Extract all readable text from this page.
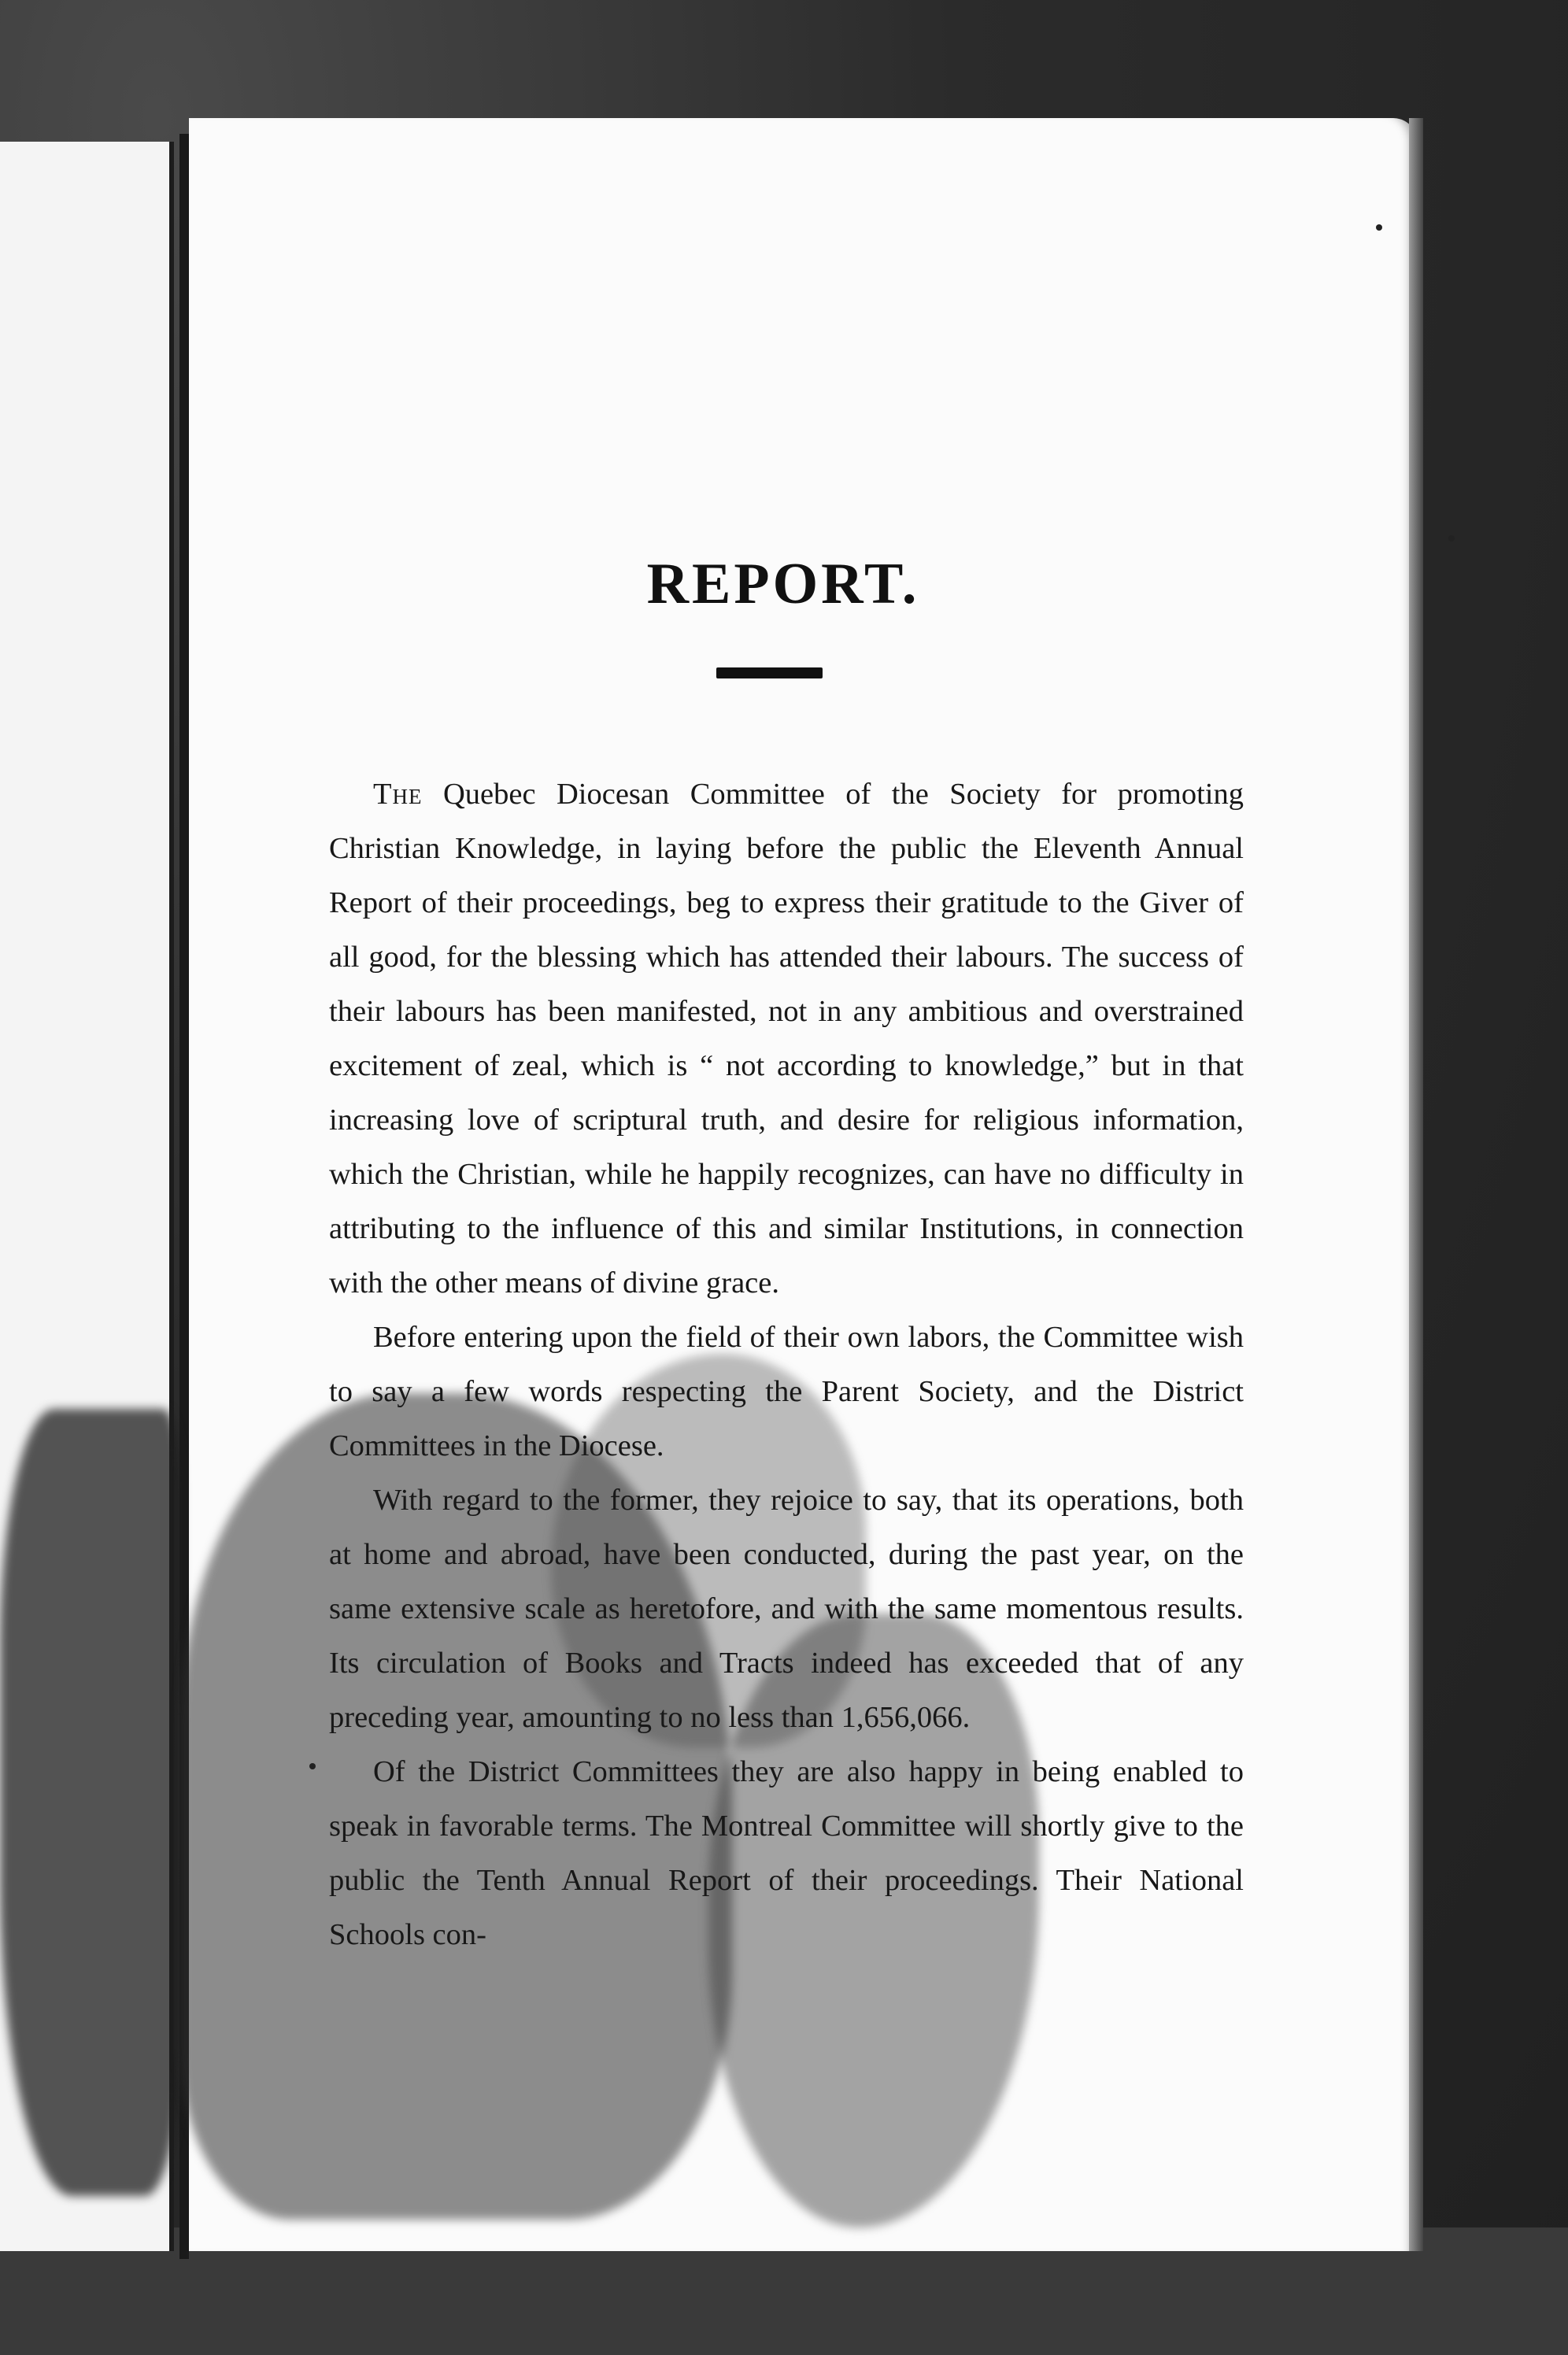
REPORT.

The Quebec Diocesan Committee of the Society for promoting Christian Knowledge, in laying before the public the Eleventh Annual Report of their proceedings, beg to express their gratitude to the Giver of all good, for the blessing which has attended their labours. The success of their labours has been manifested, not in any ambitious and overstrained excitement of zeal, which is “ not according to knowledge,” but in that increasing love of scriptural truth, and desire for religious information, which the Christian, while he happily recognizes, can have no difficulty in attributing to the influence of this and similar Institutions, in connection with the other means of divine grace.

Before entering upon the field of their own labors, the Committee wish to say a few words respecting the Parent Society, and the District Committees in the Diocese.

With regard to the former, they rejoice to say, that its operations, both at home and abroad, have been conducted, during the past year, on the same extensive scale as heretofore, and with the same momentous results. Its circulation of Books and Tracts indeed has exceeded that of any preceding year, amounting to no less than 1,656,066.

Of the District Committees they are also happy in being enabled to speak in favorable terms. The Montreal Committee will shortly give to the public the Tenth Annual Report of their proceedings. Their National Schools con-
